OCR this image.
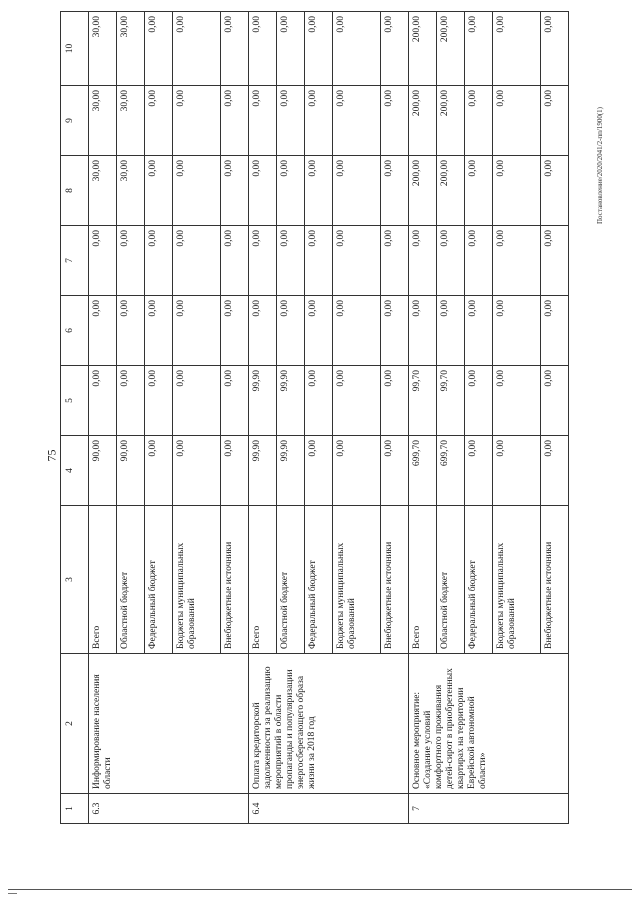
75
Постановление/2020/2041/2-пп/1900(1)
1	2	3	4	5	6	7	8	9	10
6.3	Информирование населения области	Всего	90,00	0,00	0,00	0,00	30,00	30,00	30,00
		Областной бюджет	90,00	0,00	0,00	0,00	30,00	30,00	30,00
		Федеральный бюджет	0,00	0,00	0,00	0,00	0,00	0,00	0,00
		Бюджеты муниципальных образований	0,00	0,00	0,00	0,00	0,00	0,00	0,00
		Внебюджетные источники	0,00	0,00	0,00	0,00	0,00	0,00	0,00
6.4	Оплата кредиторской задолженности за реализацию мероприятий в области пропаганды и популяризации энергосберегающего образа жизни за 2018 год	Всего	99,90	99,90	0,00	0,00	0,00	0,00	0,00
		Областной бюджет	99,90	99,90	0,00	0,00	0,00	0,00	0,00
		Федеральный бюджет	0,00	0,00	0,00	0,00	0,00	0,00	0,00
		Бюджеты муниципальных образований	0,00	0,00	0,00	0,00	0,00	0,00	0,00
		Внебюджетные источники	0,00	0,00	0,00	0,00	0,00	0,00	0,00
7	Основное мероприятие: «Создание условий комфортного проживания детей-сирот в приобретенных квартирах на территории Еврейской автономной области»	Всего	699,70	99,70	0,00	0,00	200,00	200,00	200,00
		Областной бюджет	699,70	99,70	0,00	0,00	200,00	200,00	200,00
		Федеральный бюджет	0,00	0,00	0,00	0,00	0,00	0,00	0,00
		Бюджеты муниципальных образований	0,00	0,00	0,00	0,00	0,00	0,00	0,00
		Внебюджетные источники	0,00	0,00	0,00	0,00	0,00	0,00	0,00
